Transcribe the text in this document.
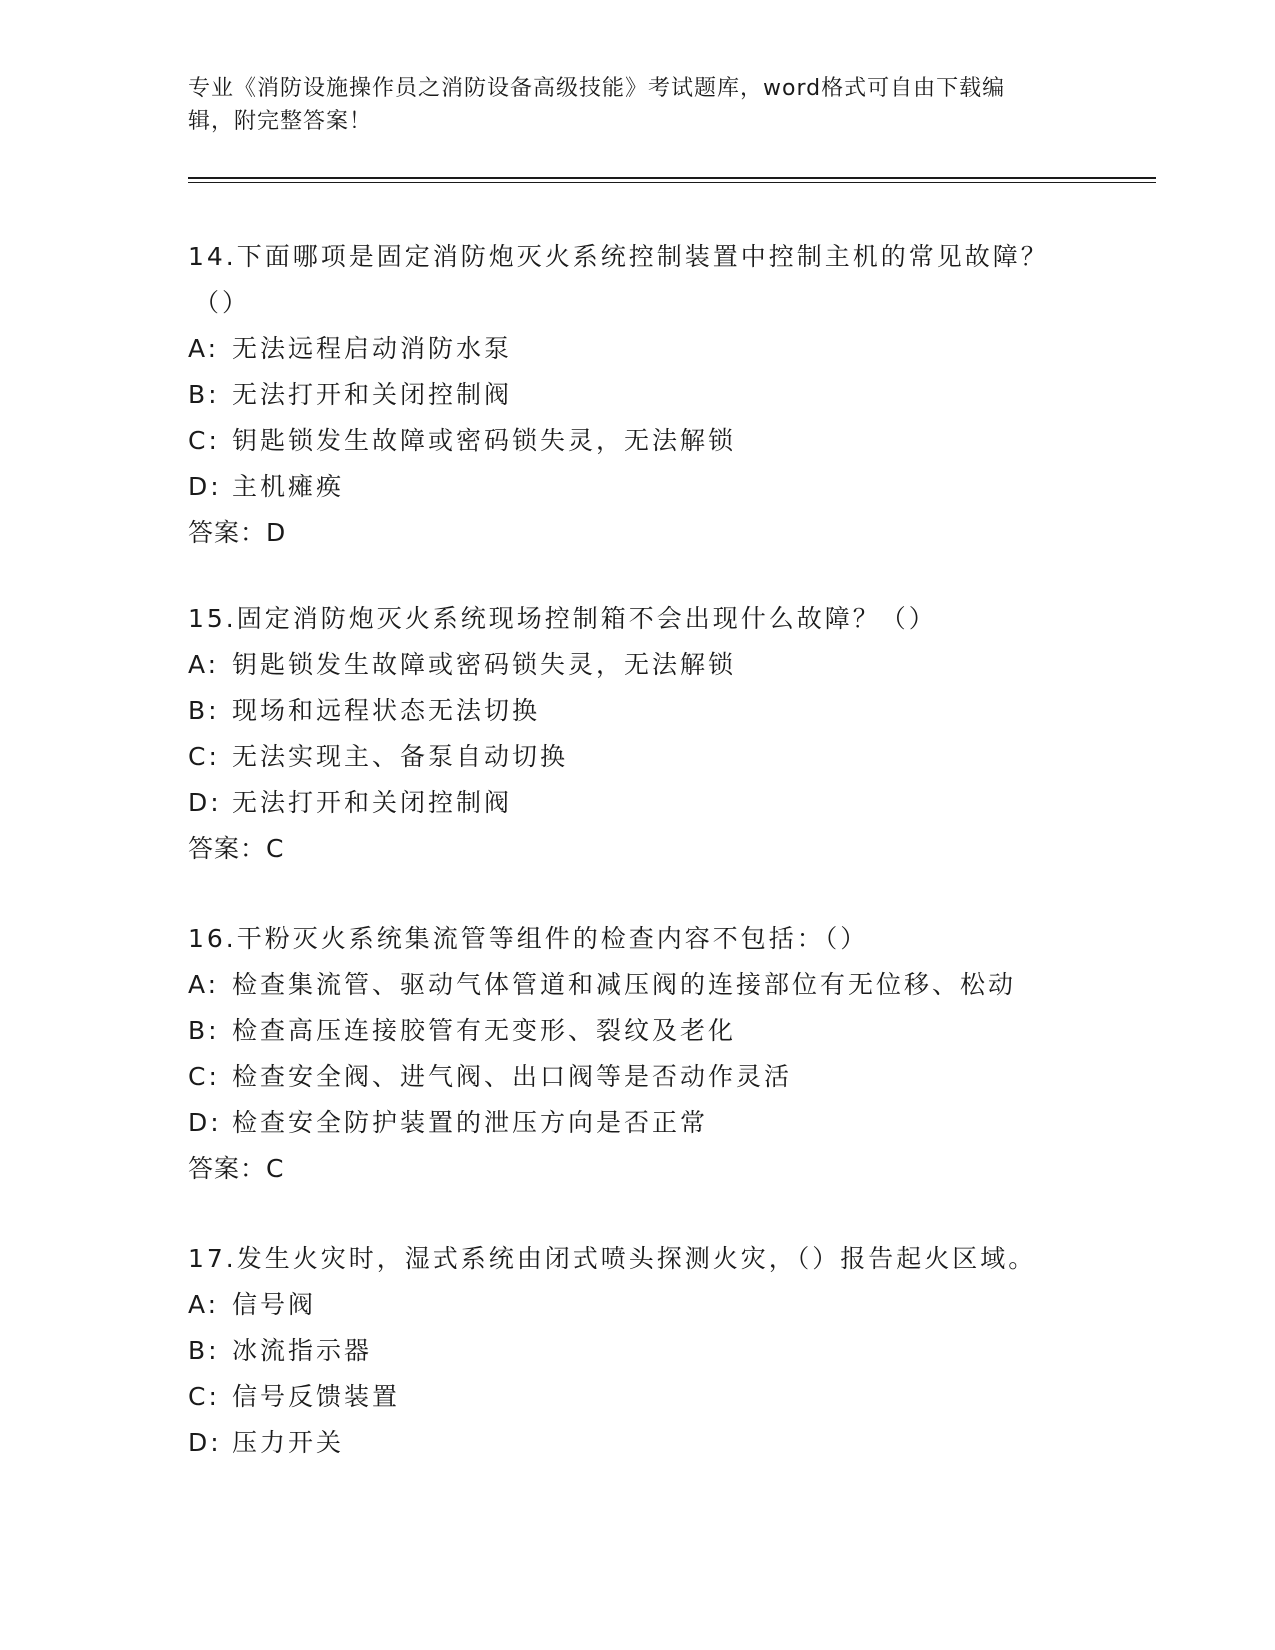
专业《消防设施操作员之消防设备高级技能》考试题库，word格式可自由下载编
辑，附完整答案！
14.下面哪项是固定消防炮灭火系统控制装置中控制主机的常见故障？
（）
A: 无法远程启动消防水泵
B: 无法打开和关闭控制阀
C: 钥匙锁发生故障或密码锁失灵，无法解锁
D: 主机瘫痪
答案：D
15.固定消防炮灭火系统现场控制箱不会出现什么故障？（）
A: 钥匙锁发生故障或密码锁失灵，无法解锁
B: 现场和远程状态无法切换
C: 无法实现主、备泵自动切换
D: 无法打开和关闭控制阀
答案：C
16.干粉灭火系统集流管等组件的检查内容不包括：（）
A: 检查集流管、驱动气体管道和减压阀的连接部位有无位移、松动
B: 检查高压连接胶管有无变形、裂纹及老化
C: 检查安全阀、进气阀、出口阀等是否动作灵活
D: 检查安全防护装置的泄压方向是否正常
答案：C
17.发生火灾时，湿式系统由闭式喷头探测火灾，（）报告起火区域。
A: 信号阀
B: 冰流指示器
C: 信号反馈装置
D: 压力开关
